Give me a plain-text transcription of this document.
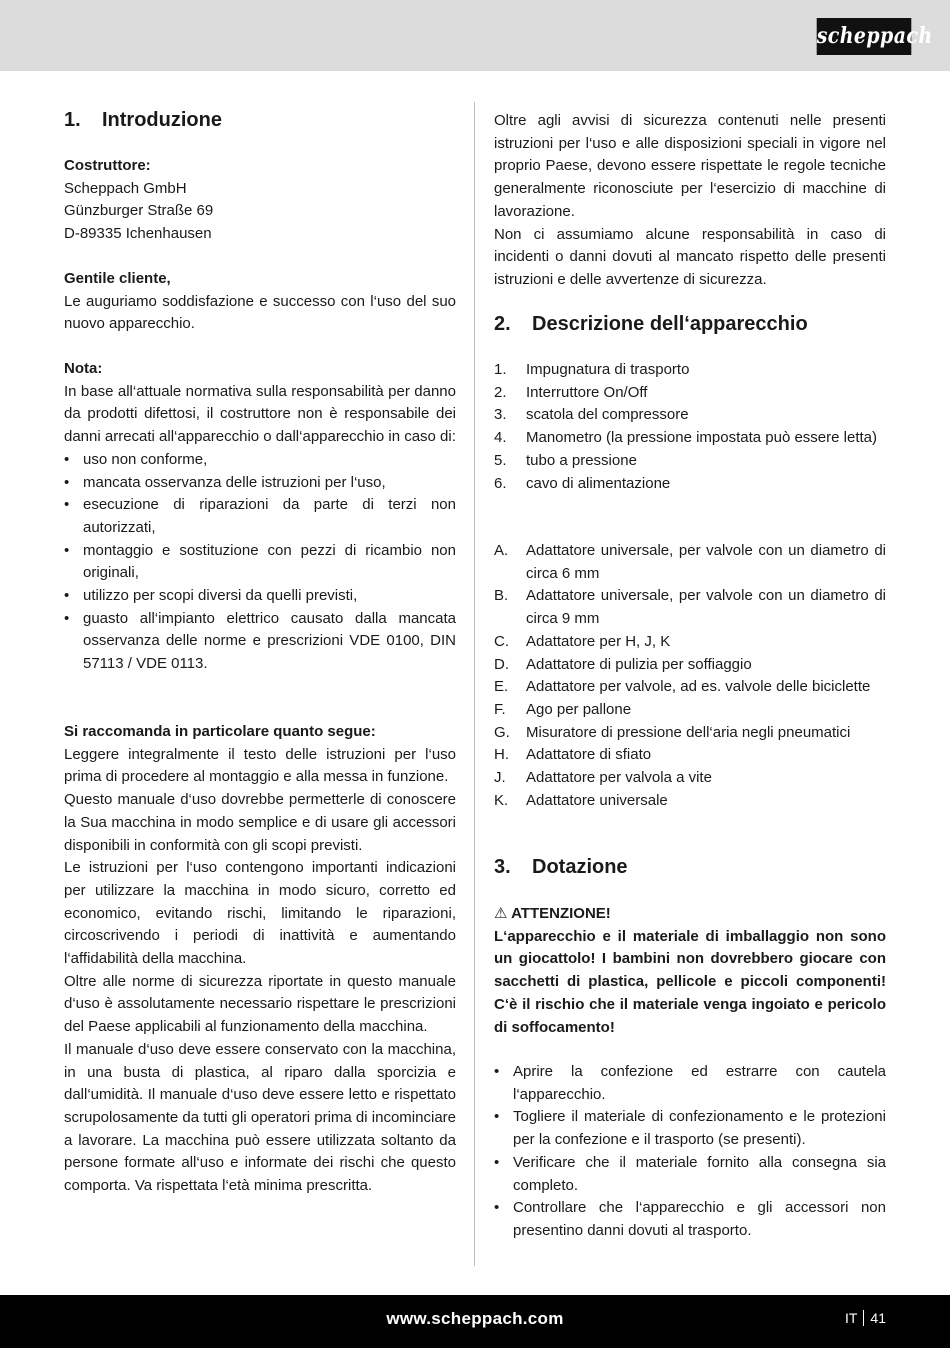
scheppach
1.	Introduzione
Costruttore:
Scheppach GmbH
Günzburger Straße 69
D-89335 Ichenhausen
Gentile cliente,
Le auguriamo soddisfazione e successo con l‘uso del suo nuovo apparecchio.
Nota:
In base all‘attuale normativa sulla responsabilità per danno da prodotti difettosi, il costruttore non è responsabile dei danni arrecati all‘apparecchio o dall‘apparecchio in caso di:
• uso non conforme,
• mancata osservanza delle istruzioni per l‘uso,
• esecuzione di riparazioni da parte di terzi non autorizzati,
• montaggio e sostituzione con pezzi di ricambio non originali,
• utilizzo per scopi diversi da quelli previsti,
• guasto all‘impianto elettrico causato dalla mancata osservanza delle norme e prescrizioni VDE 0100, DIN 57113 / VDE 0113.
Si raccomanda in particolare quanto segue:
Leggere integralmente il testo delle istruzioni per l‘uso prima di procedere al montaggio e alla messa in funzione.
Questo manuale d‘uso dovrebbe permetterle di conoscere la Sua macchina in modo semplice e di usare gli accessori disponibili in conformità con gli scopi previsti.
Le istruzioni per l‘uso contengono importanti indicazioni per utilizzare la macchina in modo sicuro, corretto ed economico, evitando rischi, limitando le riparazioni, circoscrivendo i periodi di inattività e aumentando l‘affidabilità della macchina.
Oltre alle norme di sicurezza riportate in questo manuale d‘uso è assolutamente necessario rispettare le prescrizioni del Paese applicabili al funzionamento della macchina.
Il manuale d‘uso deve essere conservato con la macchina, in una busta di plastica, al riparo dalla sporcizia e dall‘umidità. Il manuale d‘uso deve essere letto e rispettato scrupolosamente da tutti gli operatori prima di incominciare a lavorare. La macchina può essere utilizzata soltanto da persone formate all‘uso e informate dei rischi che questo comporta. Va rispettata l‘età minima prescritta.
Oltre agli avvisi di sicurezza contenuti nelle presenti istruzioni per l‘uso e alle disposizioni speciali in vigore nel proprio Paese, devono essere rispettate le regole tecniche generalmente riconosciute per l‘esercizio di macchine di lavorazione.
Non ci assumiamo alcune responsabilità in caso di incidenti o danni dovuti al mancato rispetto delle presenti istruzioni e delle avvertenze di sicurezza.
2.	Descrizione dell‘apparecchio
1.	Impugnatura di trasporto
2.	Interruttore On/Off
3.	scatola del compressore
4.	Manometro (la pressione impostata può essere letta)
5.	tubo a pressione
6.	cavo di alimentazione
A.	Adattatore universale, per valvole con un diametro di circa 6 mm
B.	Adattatore universale, per valvole con un diametro di circa 9 mm
C.	Adattatore per H, J, K
D.	Adattatore di pulizia per soffiaggio
E.	Adattatore per valvole, ad es. valvole delle biciclette
F.	Ago per pallone
G.	Misuratore di pressione dell‘aria negli pneumatici
H.	Adattatore di sfiato
J.	Adattatore per valvola a vite
K.	Adattatore universale
3.	Dotazione
⚠ ATTENZIONE!
L‘apparecchio e il materiale di imballaggio non sono un giocattolo! I bambini non dovrebbero giocare con sacchetti di plastica, pellicole e piccoli componenti! C‘è il rischio che il materiale venga ingoiato e pericolo di soffocamento!
• Aprire la confezione ed estrarre con cautela l‘apparecchio.
• Togliere il materiale di confezionamento e le protezioni per la confezione e il trasporto (se presenti).
• Verificare che il materiale fornito alla consegna sia completo.
• Controllare che l‘apparecchio e gli accessori non presentino danni dovuti al trasporto.
www.scheppach.com	IT 41
